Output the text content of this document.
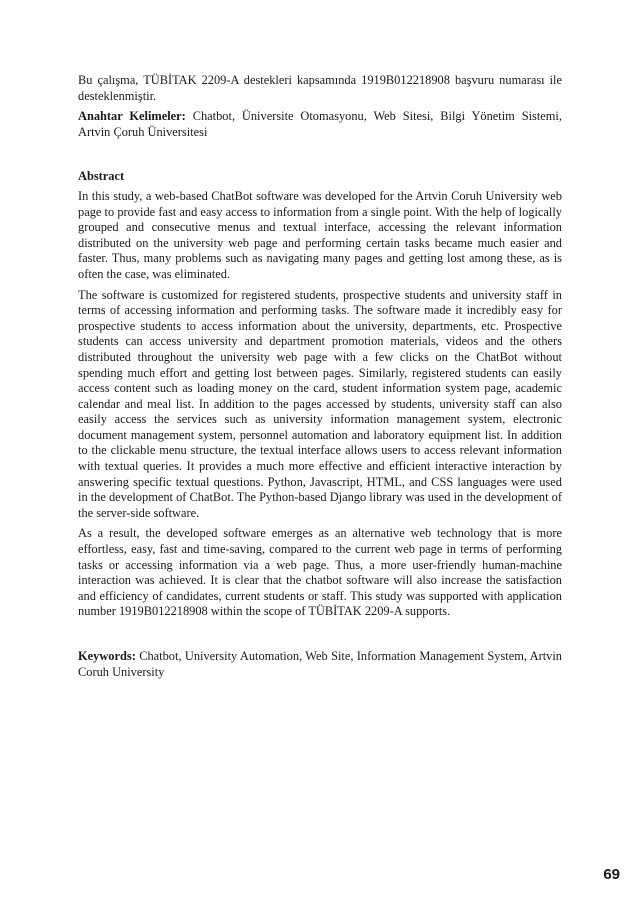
Bu çalışma, TÜBİTAK 2209-A destekleri kapsamında 1919B012218908 başvuru numarası ile desteklenmiştir.

Anahtar Kelimeler: Chatbot, Üniversite Otomasyonu, Web Sitesi, Bilgi Yönetim Sistemi, Artvin Çoruh Üniversitesi

Abstract

In this study, a web-based ChatBot software was developed for the Artvin Coruh University web page to provide fast and easy access to information from a single point. With the help of logically grouped and consecutive menus and textual interface, accessing the relevant information distributed on the university web page and performing certain tasks became much easier and faster. Thus, many problems such as navigating many pages and getting lost among these, as is often the case, was eliminated.

The software is customized for registered students, prospective students and university staff in terms of accessing information and performing tasks. The software made it incredibly easy for prospective students to access information about the university, departments, etc. Prospective students can access university and department promotion materials, videos and the others distributed throughout the university web page with a few clicks on the ChatBot without spending much effort and getting lost between pages. Similarly, registered students can easily access content such as loading money on the card, student information system page, academic calendar and meal list. In addition to the pages accessed by students, university staff can also easily access the services such as university information management system, electronic document management system, personnel automation and laboratory equipment list. In addition to the clickable menu structure, the textual interface allows users to access relevant information with textual queries. It provides a much more effective and efficient interactive interaction by answering specific textual questions. Python, Javascript, HTML, and CSS languages were used in the development of ChatBot. The Python-based Django library was used in the development of the server-side software.

As a result, the developed software emerges as an alternative web technology that is more effortless, easy, fast and time-saving, compared to the current web page in terms of performing tasks or accessing information via a web page. Thus, a more user-friendly human-machine interaction was achieved. It is clear that the chatbot software will also increase the satisfaction and efficiency of candidates, current students or staff. This study was supported with application number 1919B012218908 within the scope of TÜBİTAK 2209-A supports.

Keywords: Chatbot, University Automation, Web Site, Information Management System, Artvin Coruh University

69
